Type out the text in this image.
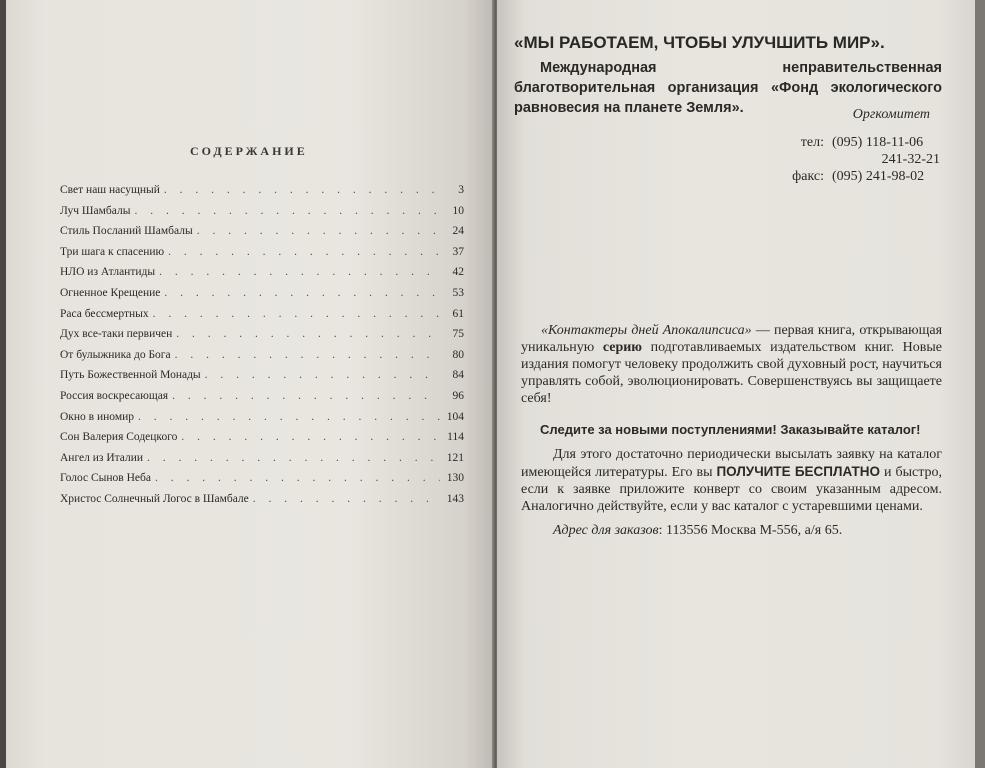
СОДЕРЖАНИЕ
Свет наш насущный . . .	3
Луч Шамбалы . . .	10
Стиль Посланий Шамбалы . . .	24
Три шага к спасению . . .	37
НЛО из Атлантиды . . .	42
Огненное Крещение . . .	53
Раса бессмертных . . .	61
Дух все-таки первичен . . .	75
От булыжника до Бога . . .	80
Путь Божественной Монады . . .	84
Россия воскресающая . . .	96
Окно в иномир . . .	104
Сон Валерия Содецкого . . .	114
Ангел из Италии . . .	121
Голос Сынов Неба . . .	130
Христос Солнечный Логос в Шамбале . . .	143
«МЫ РАБОТАЕМ, ЧТОБЫ УЛУЧШИТЬ МИР».

Международная неправительственная благотворительная организация «Фонд экологического равновесия на планете Земля».	Оргкомитет
тел: (095) 118-11-06
241-32-21
факс: (095) 241-98-02

«Контактеры дней Апокалипсиса» — первая книга, открывающая уникальную серию подготавливаемых издательством книг. Новые издания помогут человеку продолжить свой духовный рост, научиться управлять собой, эволюционировать. Совершенствуясь вы защищаете себя!

Следите за новыми поступлениями! Заказывайте каталог!

Для этого достаточно периодически высылать заявку на каталог имеющейся литературы. Его вы ПОЛУЧИТЕ БЕСПЛАТНО и быстро, если к заявке приложите конверт со своим указанным адресом. Аналогично действуйте, если у вас каталог с устаревшими ценами.

Адрес для заказов: 113556 Москва М-556, а/я 65.
